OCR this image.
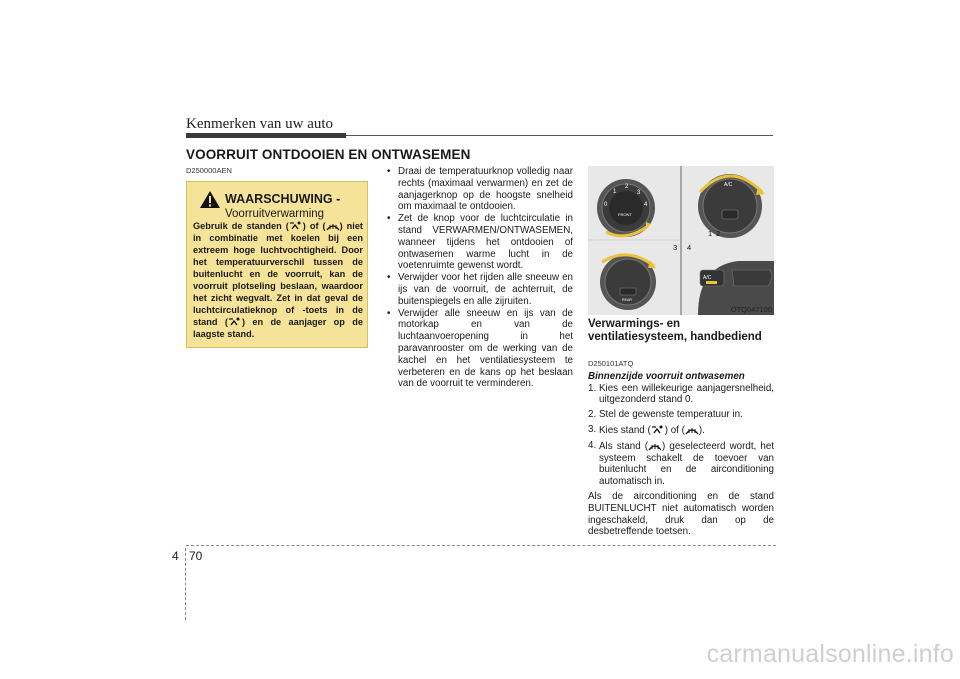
Kenmerken van uw auto
VOORRUIT ONTDOOIEN EN ONTWASEMEN
D250000AEN
WAARSCHUWING -
Voorruitverwarming
Gebruik de standen ( ) of ( ) niet in combinatie met koelen bij een extreem hoge luchtvochtigheid. Door het temperatuurverschil tussen de buitenlucht en de voorruit, kan de voorruit plotseling beslaan, waardoor het zicht wegvalt. Zet in dat geval de luchtcirculatieknop of -toets in de stand ( ) en de aanjager op de laagste stand.
• Draai de temperatuurknop volledig naar rechts (maximaal verwarmen) en zet de aanjagerknop op de hoogste snelheid om maximaal te ontdooien.
• Zet de knop voor de luchtcirculatie in stand VERWARMEN/ONTWASEMEN, wanneer tijdens het ontdooien of ontwasemen warme lucht in de voetenruimte gewenst wordt.
• Verwijder voor het rijden alle sneeuw en ijs van de voorruit, de achterruit, de buitenspiegels en alle zijruiten.
• Verwijder alle sneeuw en ijs van de motorkap en van de luchtaanvoeropening in het paravanrooster om de werking van de kachel en het ventilatiesysteem te verbeteren en de kans op het beslaan van de voorruit te verminderen.
0
1
2
3
4
FRONT
A/C
1 2
3 4
REAR
A/C
OTQ047100
Verwarmings- en ventilatiesysteem, handbediend
D250101ATQ
Binnenzijde voorruit ontwasemen
1. Kies een willekeurige aanjagersnelheid, uitgezonderd stand 0.
2. Stel de gewenste temperatuur in.
3. Kies stand ( ) of ( ).
4. Als stand ( ) geselecteerd wordt, het systeem schakelt de toevoer van buitenlucht en de airconditioning automatisch in.
Als de airconditioning en de stand BUITENLUCHT niet automatisch worden ingeschakeld, druk dan op de desbetreffende toetsen.
4 70
carmanualsonline.info
